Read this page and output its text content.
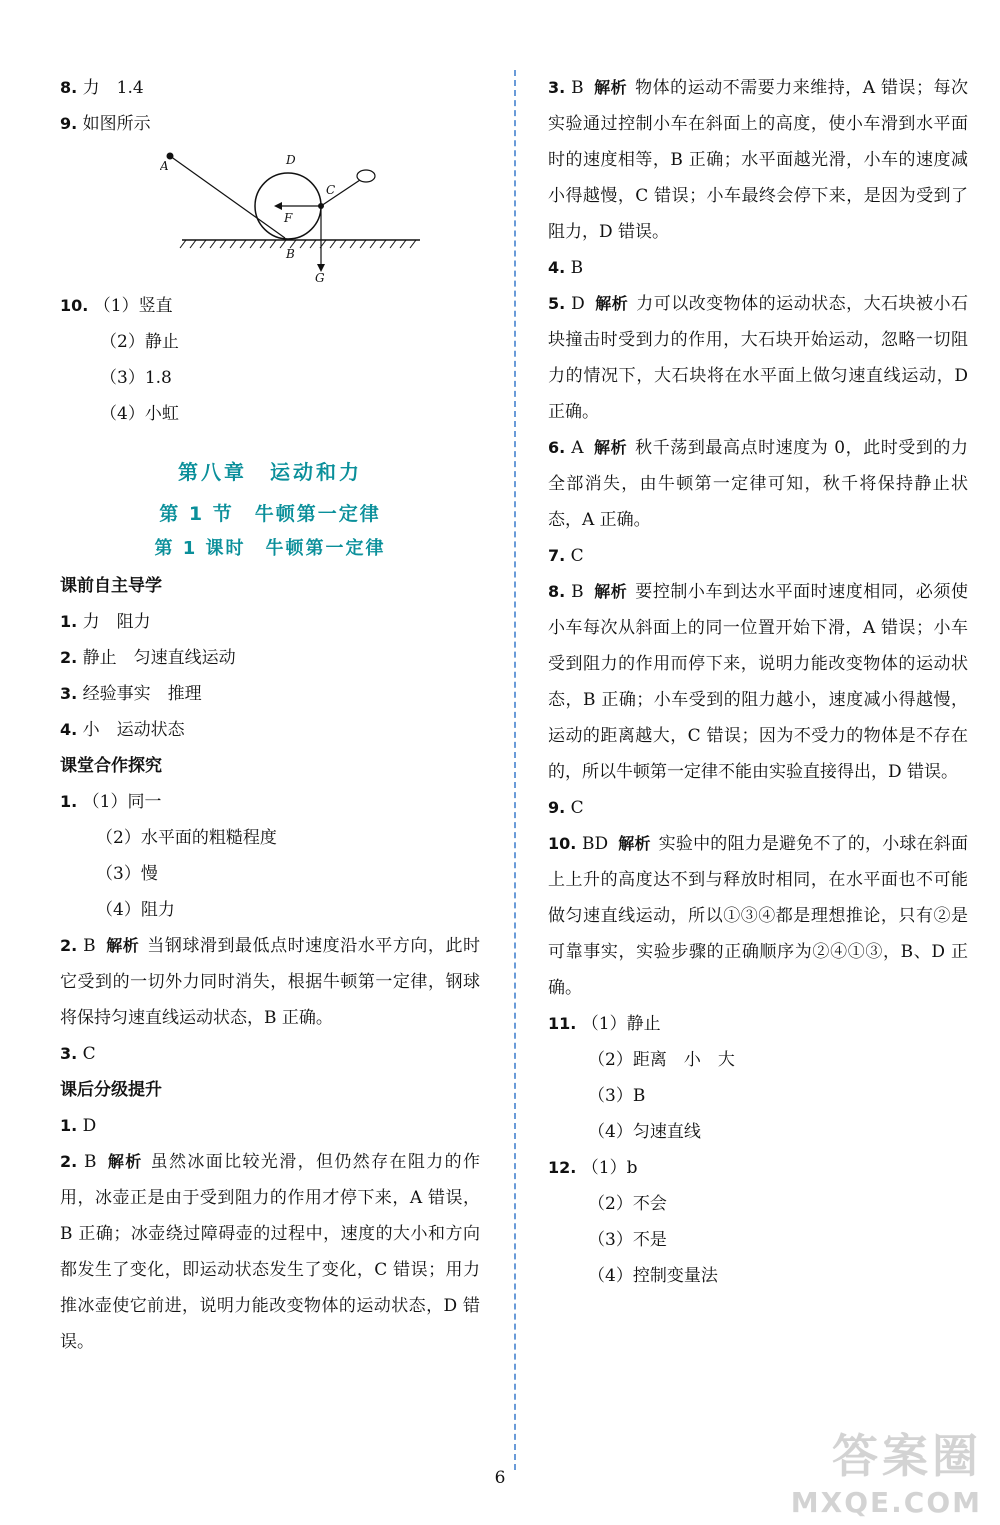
8. 力　1.4
9. 如图所示
A	D
C
F
B
G
10. （1）竖直
（2）静止
（3）1.8
（4）小虹
第八章　运动和力
第 1 节　牛顿第一定律
第 1 课时　牛顿第一定律
课前自主导学
1. 力　阻力
2. 静止　匀速直线运动
3. 经验事实　推理
4. 小　运动状态
课堂合作探究
1. （1）同一
（2）水平面的粗糙程度
（3）慢
（4）阻力
2. B 解析 当钢球滑到最低点时速度沿水平方向，此时它受到的一切外力同时消失，根据牛顿第一定律，钢球将保持匀速直线运动状态，B 正确。
3. C
课后分级提升
1. D
2. B 解析 虽然冰面比较光滑，但仍然存在阻力的作用，冰壶正是由于受到阻力的作用才停下来，A 错误，B 正确；冰壶绕过障碍壶的过程中，速度的大小和方向都发生了变化，即运动状态发生了变化，C 错误；用力推冰壶使它前进，说明力能改变物体的运动状态，D 错误。
3. B 解析 物体的运动不需要力来维持，A 错误；每次实验通过控制小车在斜面上的高度，使小车滑到水平面时的速度相等，B 正确；水平面越光滑，小车的速度减小得越慢，C 错误；小车最终会停下来，是因为受到了阻力，D 错误。
4. B
5. D 解析 力可以改变物体的运动状态，大石块被小石块撞击时受到力的作用，大石块开始运动，忽略一切阻力的情况下，大石块将在水平面上做匀速直线运动，D 正确。
6. A 解析 秋千荡到最高点时速度为 0，此时受到的力全部消失，由牛顿第一定律可知，秋千将保持静止状态，A 正确。
7. C
8. B 解析 要控制小车到达水平面时速度相同，必须使小车每次从斜面上的同一位置开始下滑，A 错误；小车受到阻力的作用而停下来，说明力能改变物体的运动状态，B 正确；小车受到的阻力越小，速度减小得越慢，运动的距离越大，C 错误；因为不受力的物体是不存在的，所以牛顿第一定律不能由实验直接得出，D 错误。
9. C
10. BD 解析 实验中的阻力是避免不了的，小球在斜面上上升的高度达不到与释放时相同，在水平面也不可能做匀速直线运动，所以①③④都是理想推论，只有②是可靠事实，实验步骤的正确顺序为②④①③，B、D 正确。
11. （1）静止
（2）距离　小　大
（3）B
（4）匀速直线
12. （1）b
（2）不会
（3）不是
（4）控制变量法
6	答案圈
MXQE.COM
